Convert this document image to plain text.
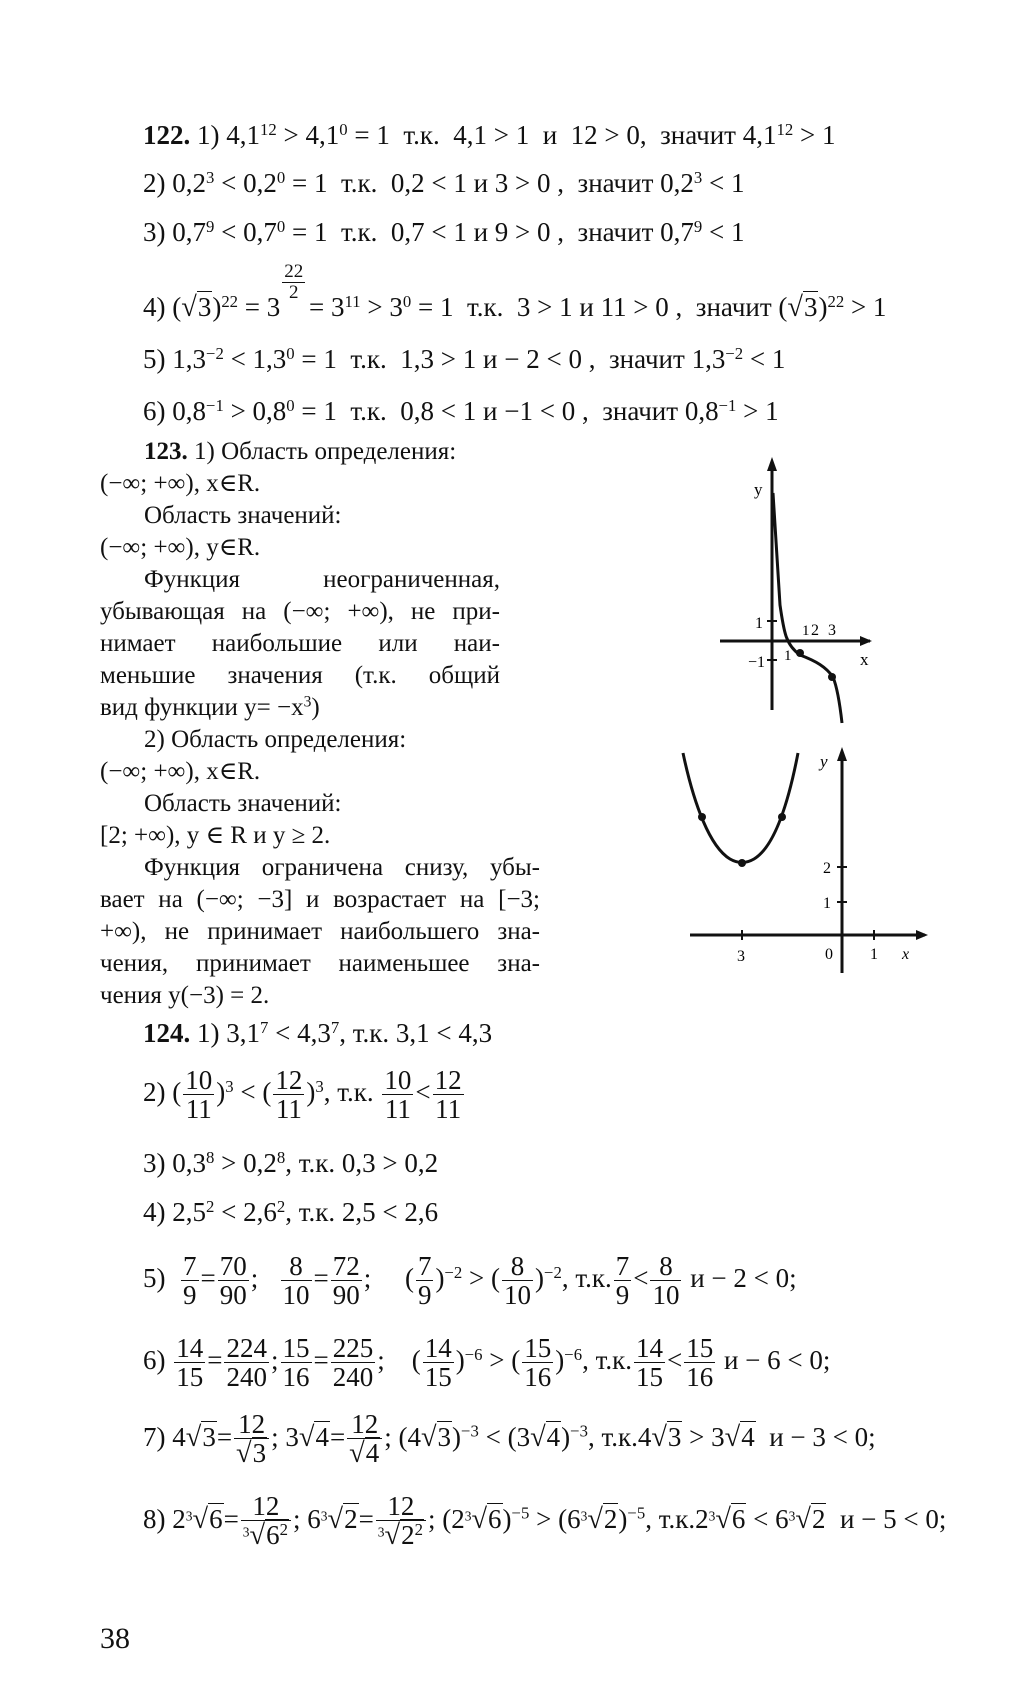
122. 1) $4,1^{12} > 4,1^0 = 1$ т.к. 4,1 > 1 и 12 > 0, значит $4,1^{12} > 1$
2) $0,2^3 < 0,2^0 = 1$ т.к. 0,2 < 1 и 3 > 0 , значит $0,2^3 < 1$
3) $0,7^9 < 0,7^0 = 1$ т.к. 0,7 < 1 и 9 > 0 , значит $0,7^9 < 1$
4) $(√3)^{22} = 3$
$\frac{22}{2}$
= $3^{11} > 3^0 = 1$ т.к. 3 > 1 и 11 > 0 , значит $(√3)^{22} > 1$
5) $1,3^{-2} < 1,3^0 = 1$ т.к. 1,3 > 1 и − 2 < 0 , значит $1,3^{-2} < 1$
6) $0,8^{-1} > 0,8^0 = 1$ т.к. 0,8 < 1 и −1 < 0 , значит $0,8^{-1} > 1$
123. 1) Область определения:
(−∞; +∞), x∈R.
Область значений:
(−∞; +∞), y∈R.
Функция неограниченная,
убывающая на (−∞; +∞), не при-
нимает наибольшие или наи-
меньшие значения (т.к. общий
вид функции $y= -x^3$)
2) Область определения:
(−∞; +∞), x∈R.
Область значений:
[2; +∞), y ∈ R и y ≥ 2.
Функция ограничена снизу, убы-
вает на (−∞; −3] и возрастает на [−3;
+∞), не принимает наибольшего зна-
чения, принимает наименьшее зна-
чения y(−3) = 2.
y
x
1
−1
2 3
1
1
y
2
1
3	0 1 x
124. 1) $3,1^7 < 4,3^7$, т.к. 3,1 < 4,3
2) ( $\frac{10}{11} )^3$ < ( $\frac{12}{11} )^3$, т.к. $\frac{10}{11} < \frac{12}{11}$
3) $0,3^8 > 0,2^8$, т.к. 0,3 > 0,2
4) $2,5^2 < 2,6^2$, т.к. 2,5 < 2,6
$5) \frac{7}{9} = \frac{70}{90}$ ; $\frac{8}{10} = \frac{72}{90}$ ;     ( $\frac{7}{9} )^{-2}$ > ( $\frac{8}{10} )^{-2}$, т.к. $\frac{7}{9} < \frac{8}{10}$ и − 2 < 0;
$6) \frac{14}{15} = \frac{224}{240}$ ; $\frac{15}{16} = \frac{225}{240}$ ;    ( $\frac{14}{15} )^{-6}$ > ( $\frac{15}{16} )^{-6}$, т.к. $\frac{14}{15} < \frac{15}{16}$ и − 6 < 0;
7) $4√3= \frac{12}{√3}$ ; $3√4= \frac{12}{√4}$ ; $(4√3)^{-3} < (3√4)^{-3}$, т.к.4√3 > 3√4 и − 3 < 0;
8) $2^3√6= \frac{12}{^3√6^2}$ ; $6^3√2= \frac{12}{^3√2^2}$ ; $(2^3√6)^{-5} > (6^3√2)^{-5}$, $т.к.2^3√6 < 6^3√2$ и − 5 < 0;
38
